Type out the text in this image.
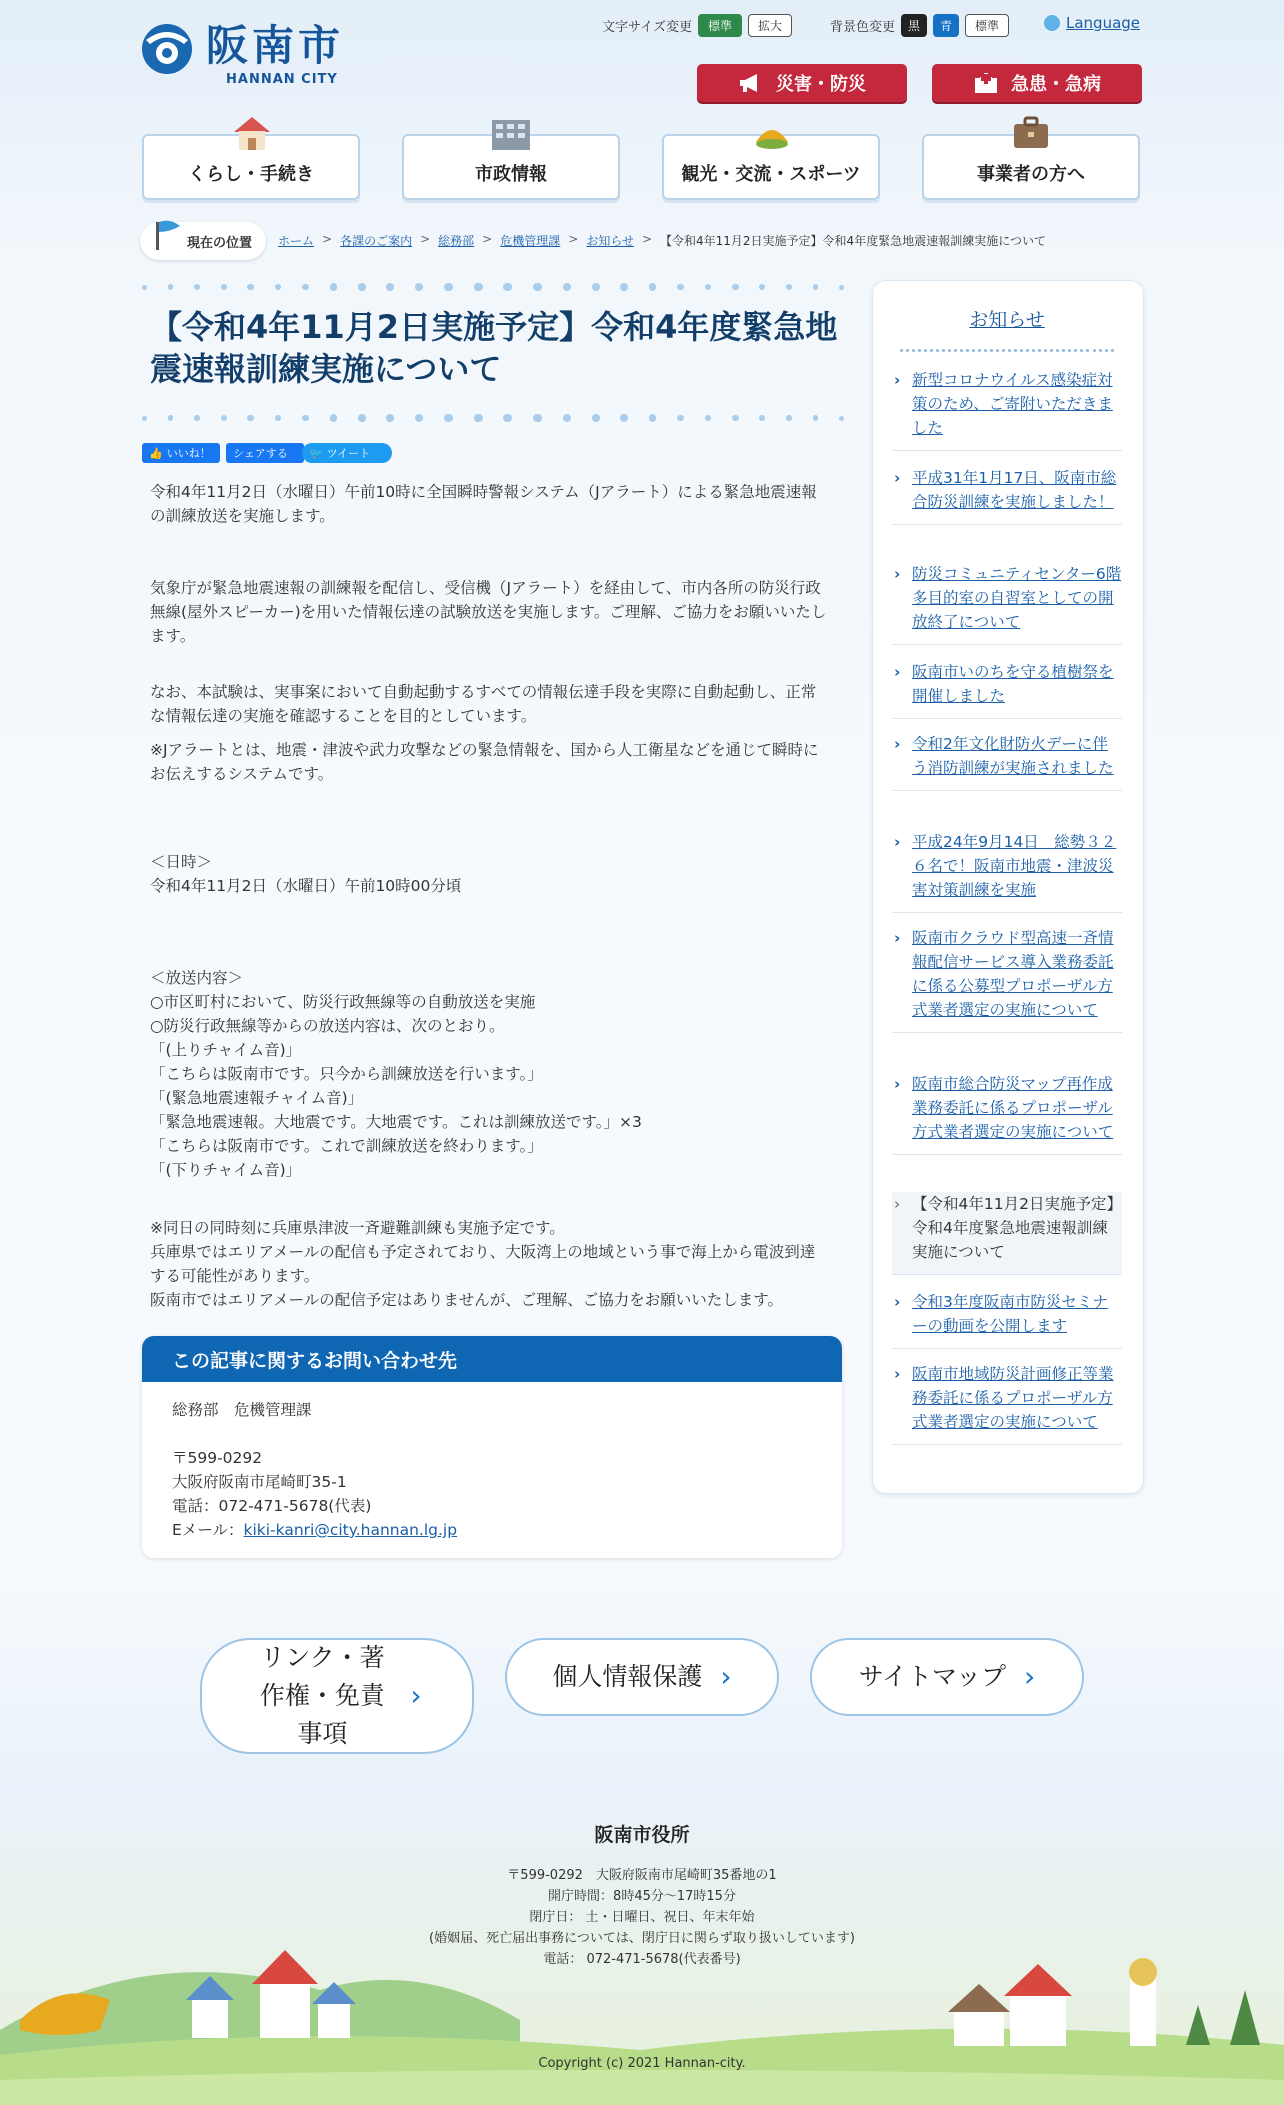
阪南市
HANNAN CITY
文字サイズ変更	標準	拡大	背景色変更	黒	青	標準	Language
災害・防災	急患・急病
くらし・手続き	市政情報	観光・交流・スポーツ	事業者の方へ
現在の位置 ホーム > 各課のご案内 > 総務部 > 危機管理課 > お知らせ > 【令和4年11月2日実施予定】令和4年度緊急地震速報訓練実施について
【令和4年11月2日実施予定】令和4年度緊急地震速報訓練実施について
👍 いいね！ シェアする 🐦 ツイート

令和4年11月2日（水曜日）午前10時に全国瞬時警報システム（Jアラート）による緊急地震速報の訓練放送を実施します。

気象庁が緊急地震速報の訓練報を配信し、受信機（Jアラート）を経由して、市内各所の防災行政無線(屋外スピーカー)を用いた情報伝達の試験放送を実施します。ご理解、ご協力をお願いいたします。

なお、本試験は、実事案において自動起動するすべての情報伝達手段を実際に自動起動し、正常な情報伝達の実施を確認することを目的としています。

※Jアラートとは、地震・津波や武力攻撃などの緊急情報を、国から人工衛星などを通じて瞬時にお伝えするシステムです。

＜日時＞
令和4年11月2日（水曜日）午前10時00分頃

＜放送内容＞
○市区町村において、防災行政無線等の自動放送を実施
○防災行政無線等からの放送内容は、次のとおり。
「(上りチャイム音)」
「こちらは阪南市です。只今から訓練放送を行います。」
「(緊急地震速報チャイム音)」
「緊急地震速報。大地震です。大地震です。これは訓練放送です。」×3
「こちらは阪南市です。これで訓練放送を終わります。」
「(下りチャイム音)」

※同日の同時刻に兵庫県津波一斉避難訓練も実施予定です。
兵庫県ではエリアメールの配信も予定されており、大阪湾上の地域という事で海上から電波到達する可能性があります。
阪南市ではエリアメールの配信予定はありませんが、ご理解、ご協力をお願いいたします。

この記事に関するお問い合わせ先
総務部　危機管理課
〒599-0292
大阪府阪南市尾崎町35-1
電話：072-471-5678(代表)
Eメール：kiki-kanri@city.hannan.lg.jp
お知らせ
› 新型コロナウイルス感染症対策のため、ご寄附いただきました
› 平成31年1月17日、阪南市総合防災訓練を実施しました！
› 防災コミュニティセンター6階多目的室の自習室としての開放終了について
› 阪南市いのちを守る植樹祭を開催しました
› 令和2年文化財防火デーに伴う消防訓練が実施されました
› 平成24年9月14日　総勢３２６名で！阪南市地震・津波災害対策訓練を実施
› 阪南市クラウド型高速一斉情報配信サービス導入業務委託に係る公募型プロポーザル方式業者選定の実施について
› 阪南市総合防災マップ再作成業務委託に係るプロポーザル方式業者選定の実施について
› 【令和4年11月2日実施予定】令和4年度緊急地震速報訓練実施について
› 令和3年度阪南市防災セミナーの動画を公開します
› 阪南市地域防災計画修正等業務委託に係るプロポーザル方式業者選定の実施について
リンク・著作権・免責事項
›
個人情報保護 ›	サイトマップ ›
阪南市役所
〒599-0292　大阪府阪南市尾崎町35番地の1
開庁時間：8時45分～17時15分
閉庁日： 土・日曜日、祝日、年末年始
(婚姻届、死亡届出事務については、閉庁日に関らず取り扱いしています)
電話： 072-471-5678(代表番号)
Copyright (c) 2021 Hannan-city.
